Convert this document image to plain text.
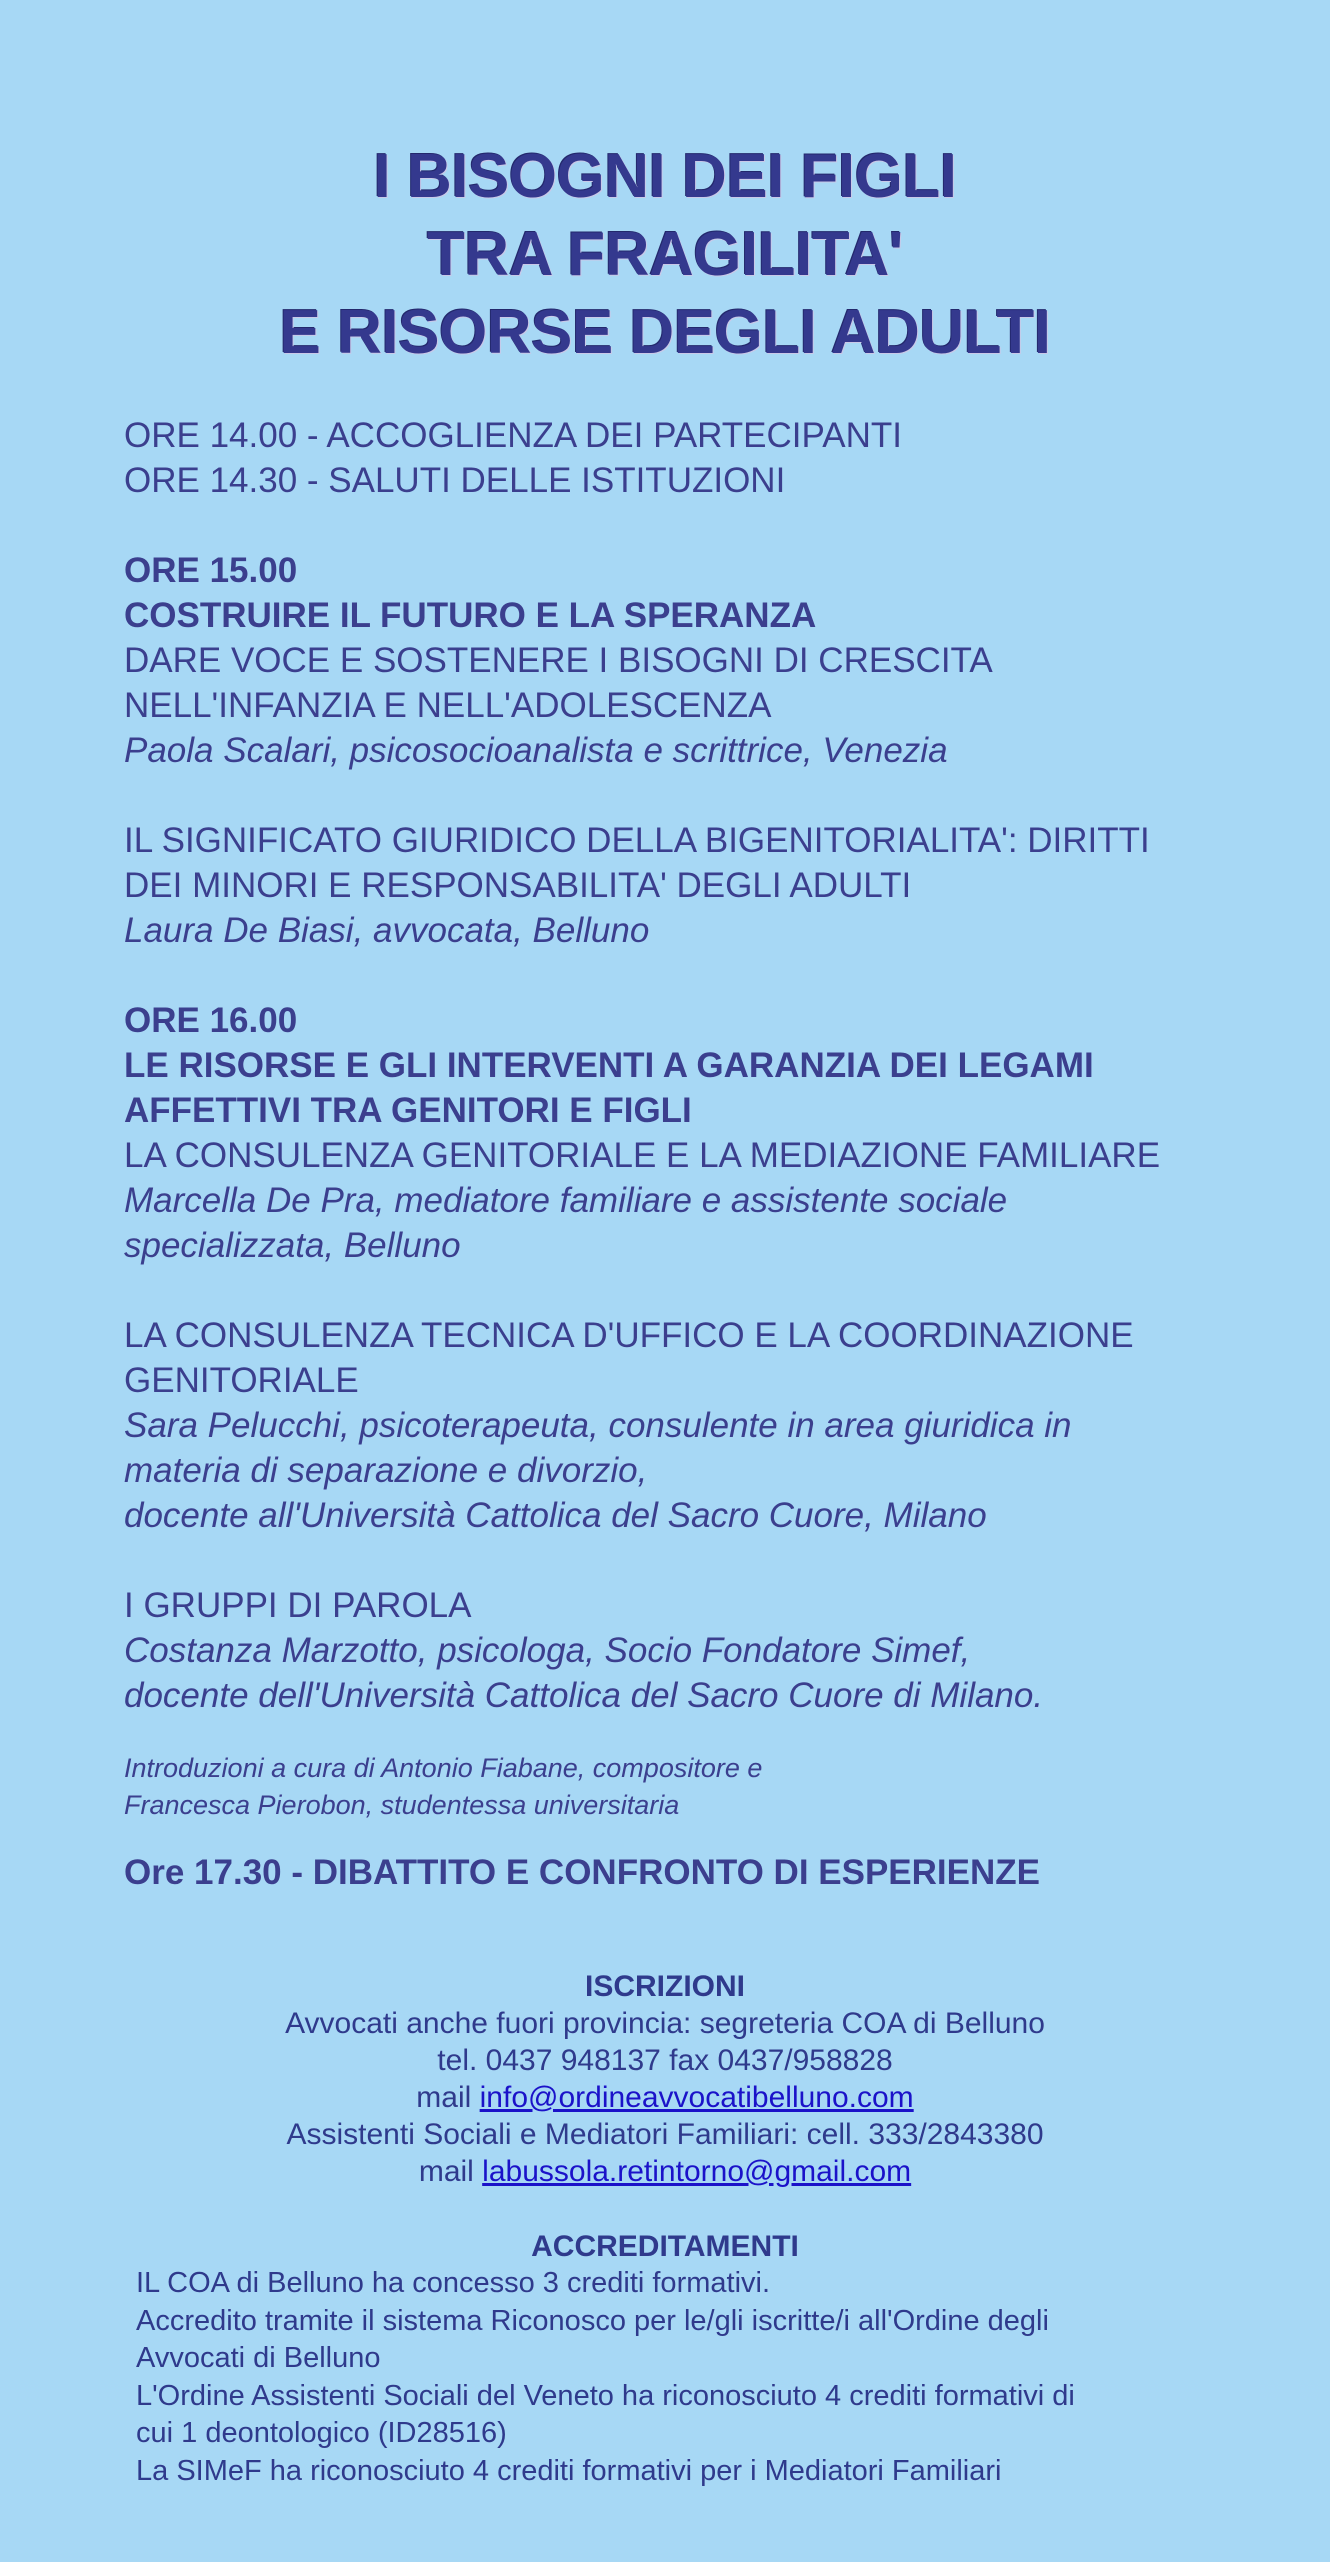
I BISOGNI DEI FIGLI
TRA FRAGILITA'
E RISORSE DEGLI ADULTI
ORE 14.00 - ACCOGLIENZA DEI PARTECIPANTI
ORE 14.30 - SALUTI DELLE ISTITUZIONI
ORE 15.00
COSTRUIRE IL FUTURO E LA SPERANZA
DARE VOCE E SOSTENERE I BISOGNI DI CRESCITA
NELL'INFANZIA E NELL'ADOLESCENZA
Paola Scalari, psicosocioanalista e scrittrice, Venezia
IL SIGNIFICATO GIURIDICO DELLA BIGENITORIALITA': DIRITTI
DEI MINORI E RESPONSABILITA' DEGLI ADULTI
Laura De Biasi, avvocata, Belluno
ORE 16.00
LE RISORSE E GLI INTERVENTI A GARANZIA DEI LEGAMI
AFFETTIVI TRA GENITORI E FIGLI
LA CONSULENZA GENITORIALE E LA MEDIAZIONE FAMILIARE
Marcella De Pra, mediatore familiare e assistente sociale
specializzata, Belluno
LA CONSULENZA TECNICA D'UFFICO E LA COORDINAZIONE
GENITORIALE
Sara Pelucchi, psicoterapeuta, consulente in area giuridica in
materia di separazione e divorzio,
docente all'Università Cattolica del Sacro Cuore, Milano
I GRUPPI DI PAROLA
Costanza Marzotto, psicologa, Socio Fondatore Simef,
docente dell'Università Cattolica del Sacro Cuore di Milano.
Introduzioni a cura di Antonio Fiabane, compositore e
Francesca Pierobon, studentessa universitaria
Ore 17.30 - DIBATTITO E CONFRONTO DI ESPERIENZE
ISCRIZIONI
Avvocati anche fuori provincia: segreteria COA di Belluno
tel. 0437 948137 fax 0437/958828
mail info@ordineavvocatibelluno.com
Assistenti Sociali e Mediatori Familiari: cell. 333/2843380
mail labussola.retintorno@gmail.com
ACCREDITAMENTI
IL COA di Belluno ha concesso 3 crediti formativi.
Accredito tramite il sistema Riconosco per le/gli iscritte/i all'Ordine degli
Avvocati di Belluno
L'Ordine Assistenti Sociali del Veneto ha riconosciuto 4 crediti formativi di
cui 1 deontologico (ID28516)
La SIMeF ha riconosciuto 4 crediti formativi per i Mediatori Familiari
